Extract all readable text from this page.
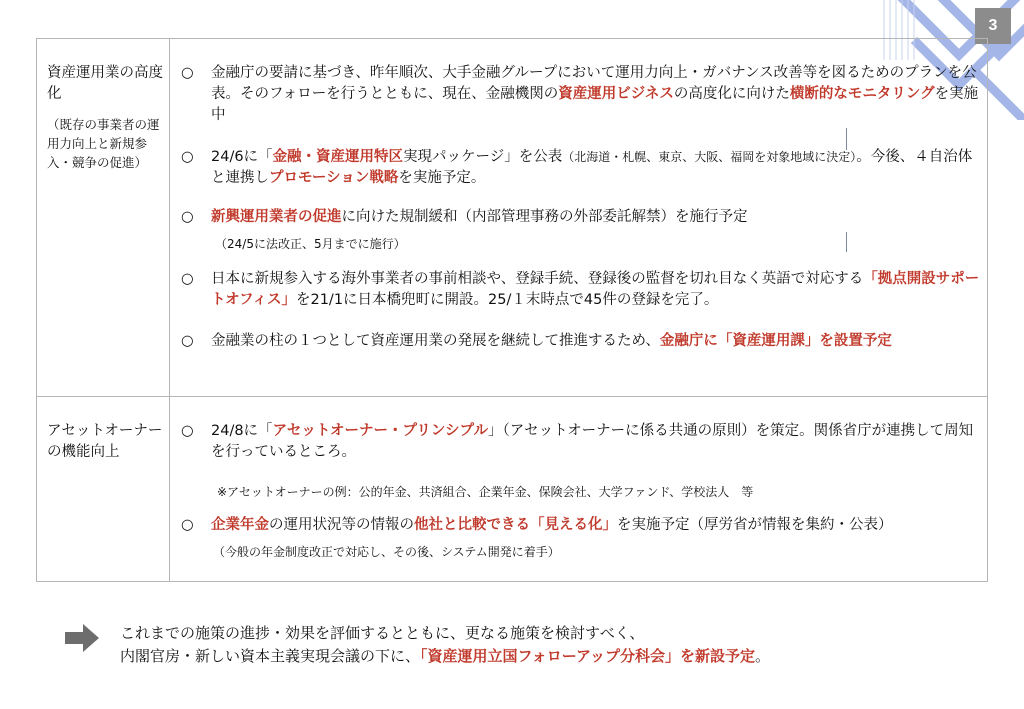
3
資産運用業の高度化
（既存の事業者の運用力向上と新規参入・競争の促進）
○	金融庁の要請に基づき、昨年順次、大手金融グループにおいて運用力向上・ガバナンス改善等を図るためのプランを公表。そのフォローを行うとともに、現在、金融機関の資産運用ビジネスの高度化に向けた横断的なモニタリングを実施中
○	24/6に「金融・資産運用特区実現パッケージ」を公表（北海道・札幌、東京、大阪、福岡を対象地域に決定）。今後、４自治体と連携しプロモーション戦略を実施予定。
○	新興運用業者の促進に向けた規制緩和（内部管理事務の外部委託解禁）を施行予定
（24/5に法改正、5月までに施行）
○	日本に新規参入する海外事業者の事前相談や、登録手続、登録後の監督を切れ目なく英語で対応する「拠点開設サポートオフィス」を21/1に日本橋兜町に開設。25/１末時点で45件の登録を完了。
○	金融業の柱の１つとして資産運用業の発展を継続して推進するため、金融庁に「資産運用課」を設置予定
アセットオーナーの機能向上
○	24/8に「アセットオーナー・プリンシプル」（アセットオーナーに係る共通の原則）を策定。関係省庁が連携して周知を行っているところ。
※アセットオーナーの例：公的年金、共済組合、企業年金、保険会社、大学ファンド、学校法人　等
○	企業年金の運用状況等の情報の他社と比較できる「見える化」を実施予定（厚労省が情報を集約・公表）
（今般の年金制度改正で対応し、その後、システム開発に着手）
これまでの施策の進捗・効果を評価するとともに、更なる施策を検討すべく、
内閣官房・新しい資本主義実現会議の下に、「資産運用立国フォローアップ分科会」を新設予定。
